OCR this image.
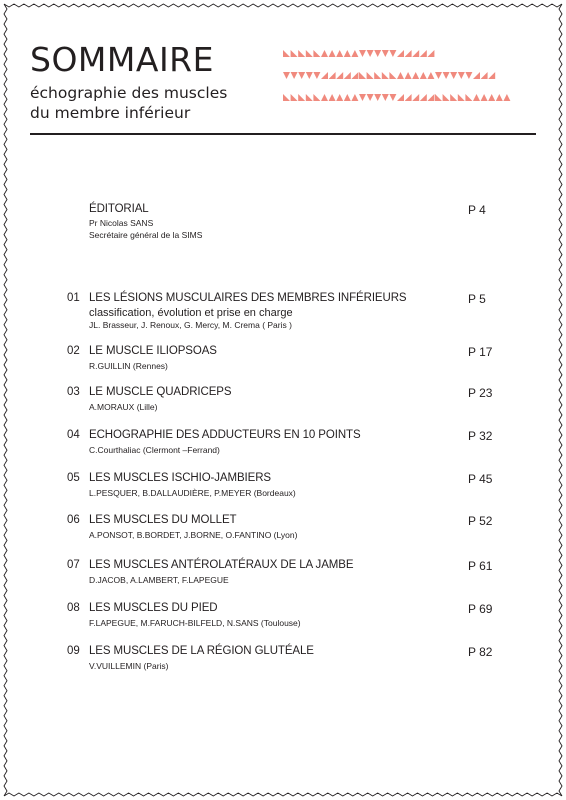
SOMMAIRE
échographie des muscles
du membre inférieur
ÉDITORIAL
Pr Nicolas SANS
Secrétaire général de la SIMS
P 4
01 LES LÉSIONS MUSCULAIRES DES MEMBRES INFÉRIEURS
classification, évolution et prise en charge
JL. Brasseur, J. Renoux, G. Mercy, M. Crema ( Paris )
P 5
02 LE MUSCLE ILIOPSOAS
R.GUILLIN (Rennes)
P 17
03 LE MUSCLE QUADRICEPS
A.MORAUX (Lille)
P 23
04 ECHOGRAPHIE DES ADDUCTEURS EN 10 POINTS
C.Courthaliac (Clermont –Ferrand)
P 32
05 LES MUSCLES ISCHIO-JAMBIERS
L.PESQUER, B.DALLAUDIÈRE, P.MEYER (Bordeaux)
P 45
06 LES MUSCLES DU MOLLET
A.PONSOT, B.BORDET, J.BORNE, O.FANTINO (Lyon)
P 52
07 LES MUSCLES ANTÉROLATÉRAUX DE LA JAMBE
D.JACOB, A.LAMBERT, F.LAPEGUE
P 61
08 LES MUSCLES DU PIED
F.LAPEGUE, M.FARUCH-BILFELD, N.SANS (Toulouse)
P 69
09 LES MUSCLES DE LA RÉGION GLUTÉALE
V.VUILLEMIN (Paris)
P 82
